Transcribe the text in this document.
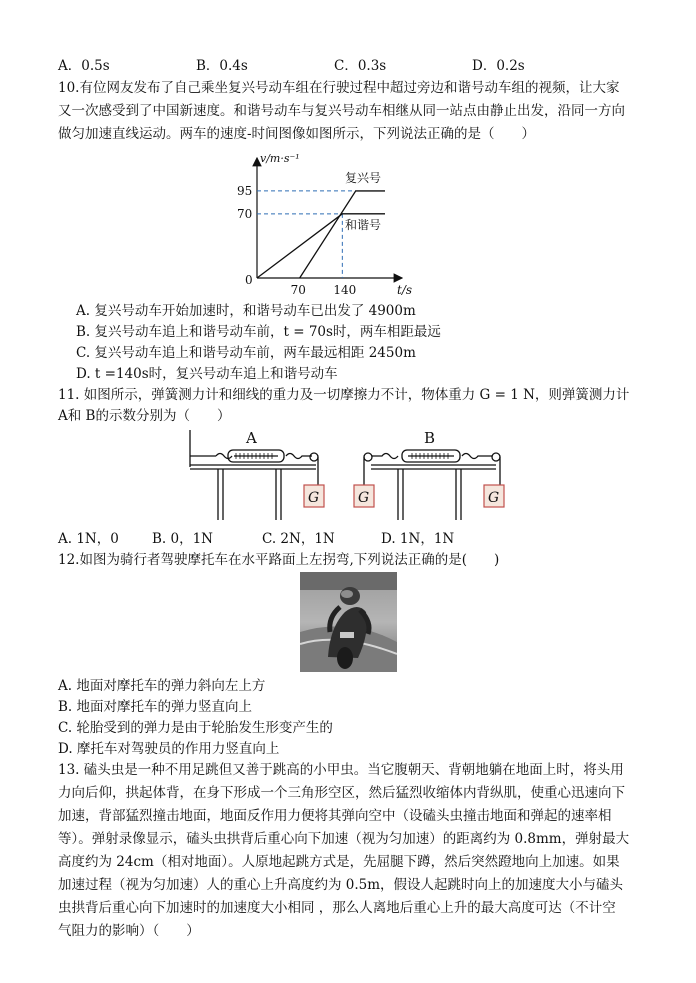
A．0.5s	B．0.4s	C．0.3s	D．0.2s
10.有位网友发布了自己乘坐复兴号动车组在行驶过程中超过旁边和谐号动车组的视频，让大家
又一次感受到了中国新速度。和谐号动车与复兴号动车相继从同一站点由静止出发，沿同一方向
做匀加速直线运动。两车的速度-时间图像如图所示，下列说法正确的是（　　）
v/m·s⁻¹
t/s
0
70
95
70 140
复兴号
和谐号
A. 复兴号动车开始加速时，和谐号动车已出发了 4900m
B. 复兴号动车追上和谐号动车前，t = 70s时，两车相距最远
C. 复兴号动车追上和谐号动车前，两车最远相距 2450m
D. t =140s时，复兴号动车追上和谐号动车
11. 如图所示，弹簧测力计和细线的重力及一切摩擦力不计，物体重力 G = 1 N，则弹簧测力计
A和 B的示数分别为（　　）
A
G
B
G	G
A. 1N，0 B. 0，1N	C. 2N，1N	D. 1N，1N
12.如图为骑行者驾驶摩托车在水平路面上左拐弯,下列说法正确的是(　　)
A. 地面对摩托车的弹力斜向左上方
B. 地面对摩托车的弹力竖直向上
C. 轮胎受到的弹力是由于轮胎发生形变产生的
D. 摩托车对驾驶员的作用力竖直向上
13. 磕头虫是一种不用足跳但又善于跳高的小甲虫。当它腹朝天、背朝地躺在地面上时，将头用
力向后仰，拱起体背，在身下形成一个三角形空区，然后猛烈收缩体内背纵肌，使重心迅速向下
加速，背部猛烈撞击地面，地面反作用力便将其弹向空中（设磕头虫撞击地面和弹起的速率相
等）。弹射录像显示，磕头虫拱背后重心向下加速（视为匀加速）的距离约为 0.8mm，弹射最大
高度约为 24cm（相对地面）。人原地起跳方式是，先屈腿下蹲，然后突然蹬地向上加速。如果
加速过程（视为匀加速）人的重心上升高度约为 0.5m，假设人起跳时向上的加速度大小与磕头
虫拱背后重心向下加速时的加速度大小相同 ，那么人离地后重心上升的最大高度可达（不计空
气阻力的影响）（　　）
